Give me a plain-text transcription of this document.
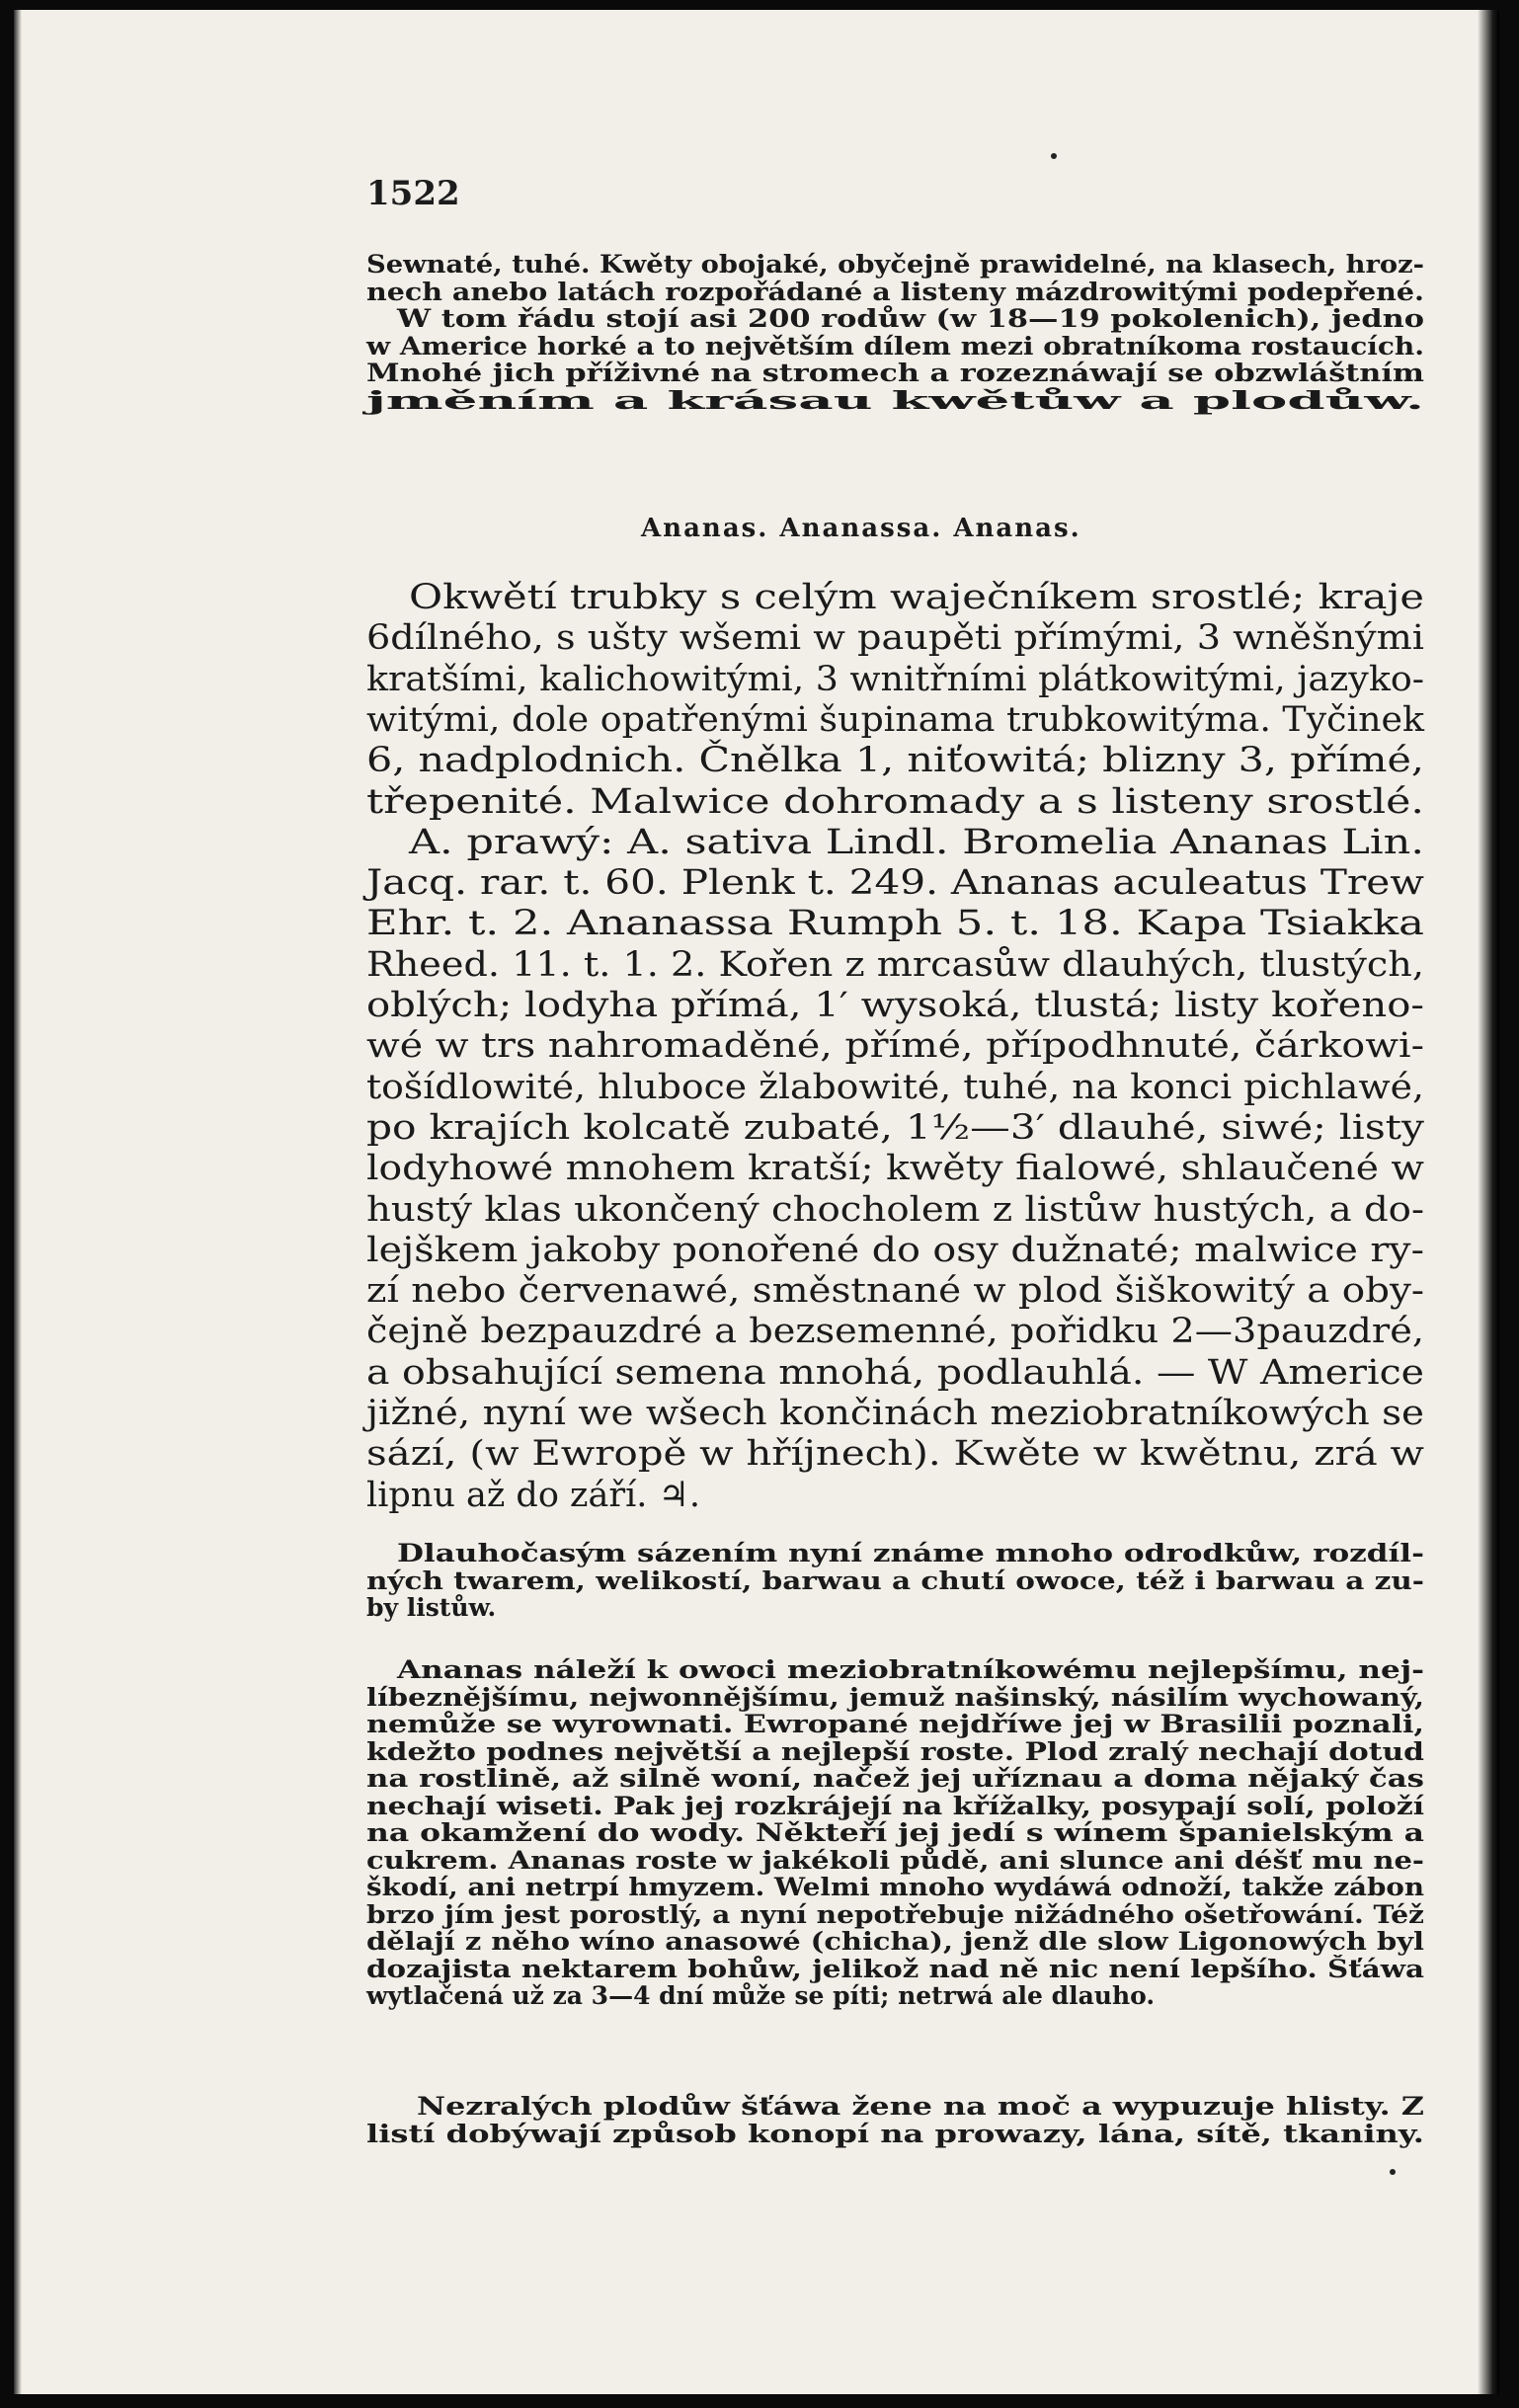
1522
Sewnaté, tuhé. Kwěty obojaké, obyčejně prawidelné, na klasech, hroz-
nech anebo latách rozpořádané a listeny mázdrowitými podepřené.
W tom řádu stojí asi 200 rodůw (w 18—19 pokolenich), jedno
w Americe horké a to největším dílem mezi obratníkoma rostaucích.
Mnohé jich příživné na stromech a rozeznáwají se obzwláštním
jměním a krásau kwětůw a plodůw.
Ananas. Ananassa. Ananas.
Okwětí trubky s celým waječníkem srostlé; kraje
6dílného, s ušty wšemi w paupěti přímými, 3 wněšnými
kratšími, kalichowitými, 3 wnitřními plátkowitými, jazyko-
witými, dole opatřenými šupinama trubkowitýma. Tyčinek
6, nadplodnich. Čnělka 1, niťowitá; blizny 3, přímé,
třepenité. Malwice dohromady a s listeny srostlé.
A. prawý: A. sativa Lindl. Bromelia Ananas Lin.
Jacq. rar. t. 60. Plenk t. 249. Ananas aculeatus Trew
Ehr. t. 2. Ananassa Rumph 5. t. 18. Kapa Tsiakka
Rheed. 11. t. 1. 2. Kořen z mrcasůw dlauhých, tlustých,
oblých; lodyha přímá, 1′ wysoká, tlustá; listy kořeno-
wé w trs nahromaděné, přímé, přípodhnuté, čárkowi-
tošídlowité, hluboce žlabowité, tuhé, na konci pichlawé,
po krajích kolcatě zubaté, 1½—3′ dlauhé, siwé; listy
lodyhowé mnohem kratší; kwěty fialowé, shlaučené w
hustý klas ukončený chocholem z listůw hustých, a do-
lejškem jakoby ponořené do osy dužnaté; malwice ry-
zí nebo červenawé, směstnané w plod šiškowitý a oby-
čejně bezpauzdré a bezsemenné, pořidku 2—3pauzdré,
a obsahující semena mnohá, podlauhlá. — W Americe
jižné, nyní we wšech končinách meziobratníkowých se
sází, (w Ewropě w hříjnech). Kwěte w kwětnu, zrá w
lipnu až do září. ♃.
Dlauhočasým sázením nyní známe mnoho odrodkůw, rozdíl-
ných twarem, welikostí, barwau a chutí owoce, též i barwau a zu-
by listůw.
Ananas náleží k owoci meziobratníkowému nejlepšímu, nej-
líbeznějšímu, nejwonnějšímu, jemuž našinský, násilím wychowaný,
nemůže se wyrownati. Ewropané nejdříwe jej w Brasilii poznali,
kdežto podnes největší a nejlepší roste. Plod zralý nechají dotud
na rostlině, až silně woní, načež jej uříznau a doma nějaký čas
nechají wiseti. Pak jej rozkrájejí na křížalky, posypají solí, položí
na okamžení do wody. Někteří jej jedí s wínem španielským a
cukrem. Ananas roste w jakékoli půdě, ani slunce ani déšť mu ne-
škodí, ani netrpí hmyzem. Welmi mnoho wydáwá odnoží, takže zábon
brzo jím jest porostlý, a nyní nepotřebuje nižádného ošetřowání. Též
dělají z něho wíno anasowé (chicha), jenž dle slow Ligonowých byl
dozajista nektarem bohůw, jelikož nad ně nic není lepšího. Šťáwa
wytlačená už za 3—4 dní může se píti; netrwá ale dlauho.
Nezralých plodůw šťáwa žene na moč a wypuzuje hlisty. Z
listí dobýwají způsob konopí na prowazy, lána, sítě, tkaniny.
